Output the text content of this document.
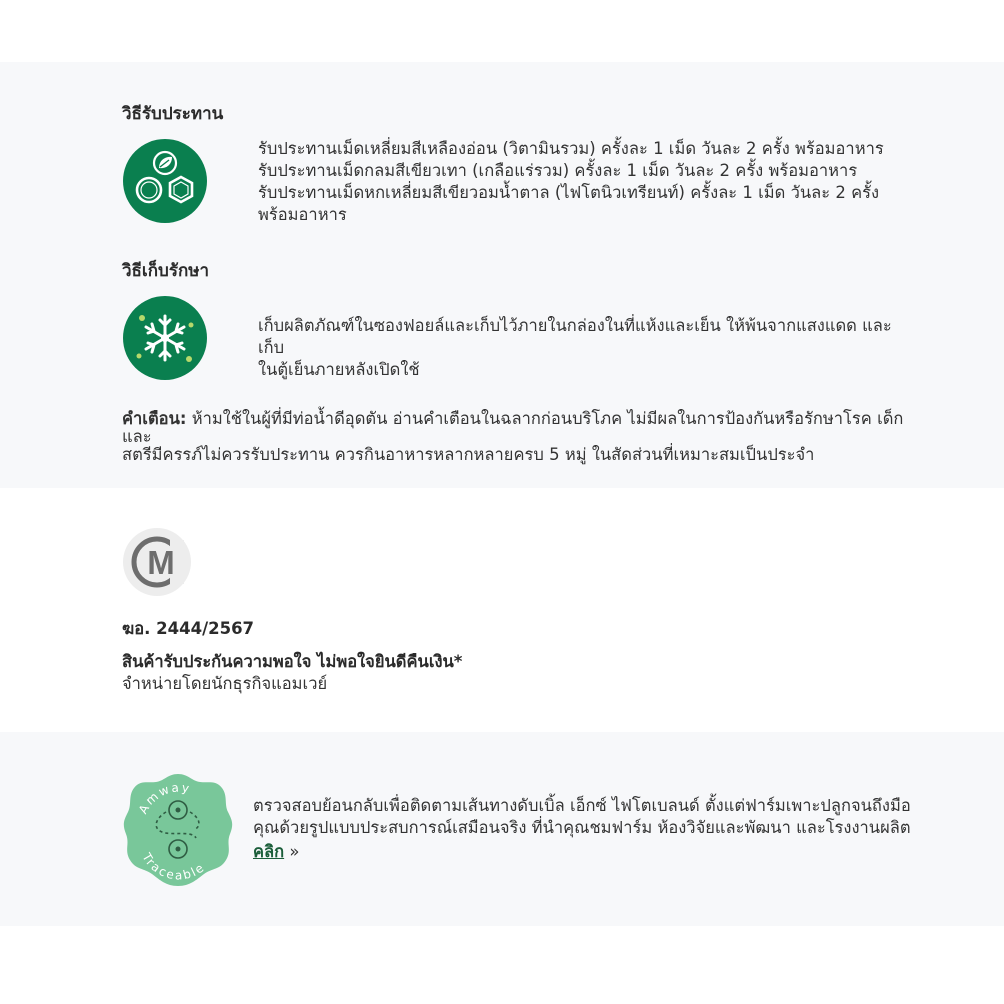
วิธีรับประทาน
รับประทานเม็ดเหลี่ยมสีเหลืองอ่อน (วิตามินรวม) ครั้งละ 1 เม็ด วันละ 2 ครั้ง พร้อมอาหาร
รับประทานเม็ดกลมสีเขียวเทา (เกลือแร่รวม) ครั้งละ 1 เม็ด วันละ 2 ครั้ง พร้อมอาหาร
รับประทานเม็ดหกเหลี่ยมสีเขียวอมน้ำตาล (ไฟโตนิวเทรียนท์) ครั้งละ 1 เม็ด วันละ 2 ครั้ง
พร้อมอาหาร
วิธีเก็บรักษา
เก็บผลิตภัณฑ์ในซองฟอยล์และเก็บไว้ภายในกล่องในที่แห้งและเย็น ให้พ้นจากแสงแดด และเก็บ
ในตู้เย็นภายหลังเปิดใช้
คำเตือน: ห้ามใช้ในผู้ที่มีท่อน้ำดีอุดตัน อ่านคำเตือนในฉลากก่อนบริโภค ไม่มีผลในการป้องกันหรือรักษาโรค เด็กและ
สตรีมีครรภ์ไม่ควรรับประทาน ควรกินอาหารหลากหลายครบ 5 หมู่ ในสัดส่วนที่เหมาะสมเป็นประจำ
M
ฆอ. 2444/2567
สินค้ารับประกันความพอใจ ไม่พอใจยินดีคืนเงิน*
จำหน่ายโดยนักธุรกิจแอมเวย์
Amway
Traceable
ตรวจสอบย้อนกลับเพื่อติดตามเส้นทางดับเบิ้ล เอ็กซ์ ไฟโตเบลนด์ ตั้งแต่ฟาร์มเพาะปลูกจนถึงมือ
คุณด้วยรูปแบบประสบการณ์เสมือนจริง ที่นำคุณชมฟาร์ม ห้องวิจัยและพัฒนา และโรงงานผลิต
คลิก »
